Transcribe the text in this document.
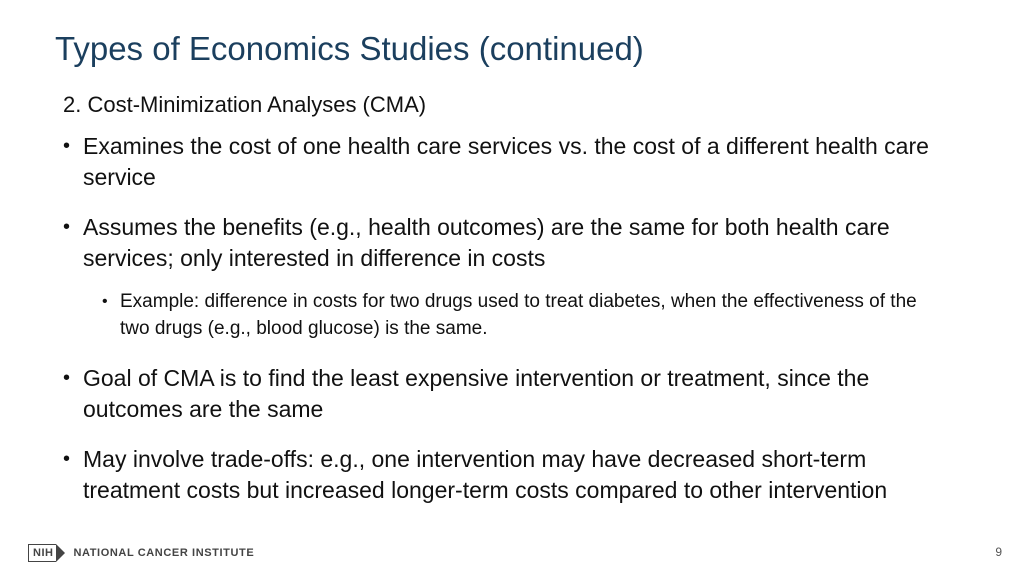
Types of Economics Studies (continued)
2. Cost-Minimization Analyses (CMA)
• Examines the cost of one health care services vs. the cost of a different health care service
• Assumes the benefits (e.g., health outcomes) are the same for both health care services; only interested in difference in costs
• Example: difference in costs for two drugs used to treat diabetes, when the effectiveness of the two drugs (e.g., blood glucose) is the same.
• Goal of CMA is to find the least expensive intervention or treatment, since the outcomes are the same
• May involve trade-offs: e.g., one intervention may have decreased short-term treatment costs but increased longer-term costs compared to other intervention
NIH NATIONAL CANCER INSTITUTE	9
